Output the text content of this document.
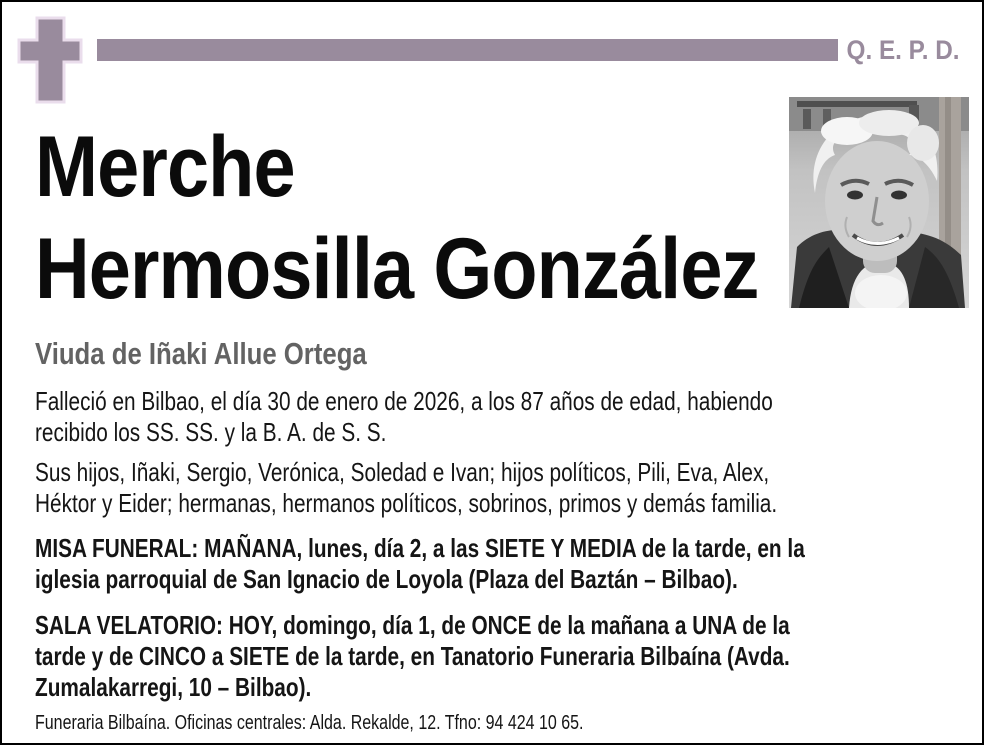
Q. E. P. D.
Merche
Hermosilla González
Viuda de Iñaki Allue Ortega
Falleció en Bilbao, el día 30 de enero de 2026, a los 87 años de edad, habiendo
recibido los SS. SS. y la B. A. de S. S.
Sus hijos, Iñaki, Sergio, Verónica, Soledad e Ivan; hijos políticos, Pili, Eva, Alex,
Héktor y Eider; hermanas, hermanos políticos, sobrinos, primos y demás familia.
MISA FUNERAL: MAÑANA, lunes, día 2, a las SIETE Y MEDIA de la tarde, en la
iglesia parroquial de San Ignacio de Loyola (Plaza del Baztán – Bilbao).
SALA VELATORIO: HOY, domingo, día 1, de ONCE de la mañana a UNA de la
tarde y de CINCO a SIETE de la tarde, en Tanatorio Funeraria Bilbaína (Avda.
Zumalakarregi, 10 – Bilbao).
Funeraria Bilbaína. Oficinas centrales: Alda. Rekalde, 12. Tfno: 94 424 10 65.
